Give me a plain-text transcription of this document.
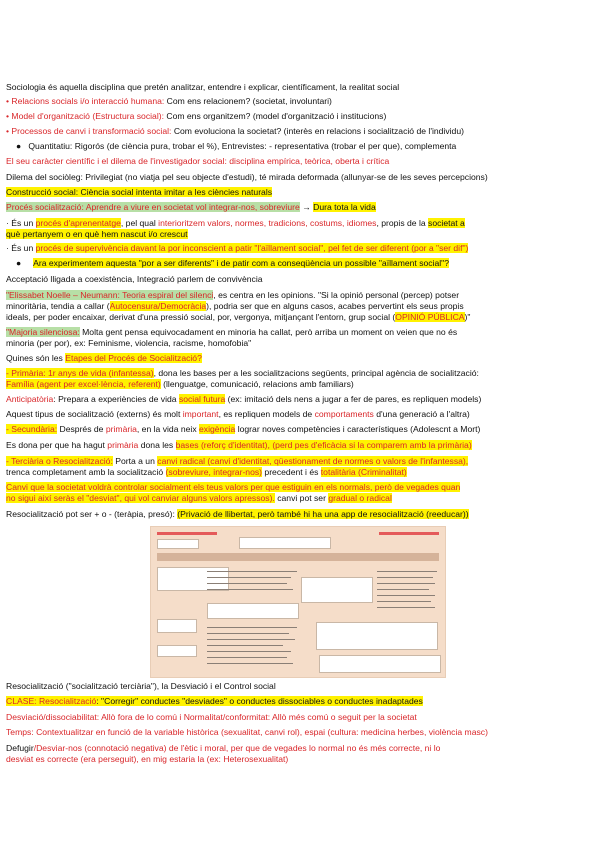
Sociologia és aquella disciplina que pretén analitzar, entendre i explicar, científicament, la realitat social
• Relacions socials i/o interacció humana: Com ens relacionem? (societat, involuntari)
• Model d'organització (Estructura social): Com ens organitzem? (model d'organització i institucions)
• Processos de canvi i transformació social: Com evoluciona la societat? (interès en relacions i socialització de l'individu)
●   Quantitatiu: Rigorós (de ciència pura, trobar el %), Entrevistes: - representativa (trobar el per que), complementa
El seu caràcter científic i el dilema de l'investigador social: disciplina empírica, teòrica, oberta i crítica
Dilema del sociòleg: Privilegiat (no viatja pel seu objecte d'estudi), té mirada deformada (allunyar-se de les seves percepcions)
Construcció social: Ciència social intenta imitar a les ciències naturals
Procés socialització: Aprendre a viure en societat vol integrar-nos, sobreviure → Dura tota la vida
· És un procés d'aprenentatge, pel qual interioritzem valors, normes, tradicions, costums, idiomes, propis de la societat a
què pertanyem o en què hem nascut i/o crescut
· És un procés de supervivència davant la por inconscient a patir "l'aïllament social", pel fet de ser diferent (por a "ser dif")
●     Ara experimentem aquesta "por a ser diferents" i de patir com a conseqüència un possible "aïllament social"?
Acceptació lligada a coexistència, Integració parlem de convivència
"Elissabet Noelle – Neumann: Teoria espiral del silenci, es centra en les opinions. "Si la opinió personal (percep) potser
minoritària, tendia a callar (Autocensura/Democràcia), podria ser que en alguns casos, acabes pervertint els seus propis
ideals, per poder encaixar, derivat d'una pressió social, por, vergonya, mitjançant l'entorn, grup social (OPINIÓ PÚBLICA)"
"Majoria silenciosa: Molta gent pensa equivocadament en minoria ha callat, però arriba un moment on veien que no és
minoria (per por), ex: Feminisme, violencia, racisme, homofobia"
Quines són les Etapes del Procés de Socialització?
- Primària: 1r anys de vida (infantessa), dona les bases per a les socialitzacions següents, principal agència de socialització:
Família (agent per excel·lència, referent) (llenguatge, comunicació, relacions amb familiars)
Anticipatòria: Prepara a experiències de vida social futura (ex: imitació dels nens a jugar a fer de pares, es repliquen models)
Aquest tipus de socialització (externs) és molt important, es repliquen models de comportaments d'una generació a l'altra)
- Secundària: Després de primària, en la vida neix exigència lograr noves competències i característiques (Adolescnt a Mort)
Es dona per que ha hagut primària dona les bases (reforç d'identitat), (perd pes d'eficàcia si la comparem amb la primària)
- Terciària o Resocialització: Porta a un canvi radical (canvi d'identitat, qüestionament de normes o valors de l'infantessa),
trenca completament amb la socialització (sobreviure, integrar-nos) precedent i és totalitària (Criminalitat)
Canvi que la societat voldrà controlar socialment els teus valors per que estiguin en els normals, però de vegades quan
no sigui així seràs el "desviat", qui vol canviar alguns valors apressos). canvi pot ser gradual o radical
Resocialització pot ser + o - (teràpia, presó): (Privació de llibertat, però també hi ha una app de resocialització (reeducar))
Resocialització ("socialització terciària"), la Desviació i el Control social
CLASE: Resocialització: "Corregir" conductes "desviades" o conductes dissociables o conductes inadaptades
Desviació/dissociabilitat: Allò fora de lo comú i Normalitat/conformitat: Allò més comú o seguit per la societat
Temps: Contextualitzar en funció de la variable històrica (sexualitat, canvi rol), espai (cultura: medicina herbes, violència masc)
Defugir/Desviar-nos (connotació negativa) de l'ètic i moral, per que de vegades lo normal no és més correcte, ni lo
desviat es correcte (era perseguit), en mig estaria la (ex: Heterosexualitat)
